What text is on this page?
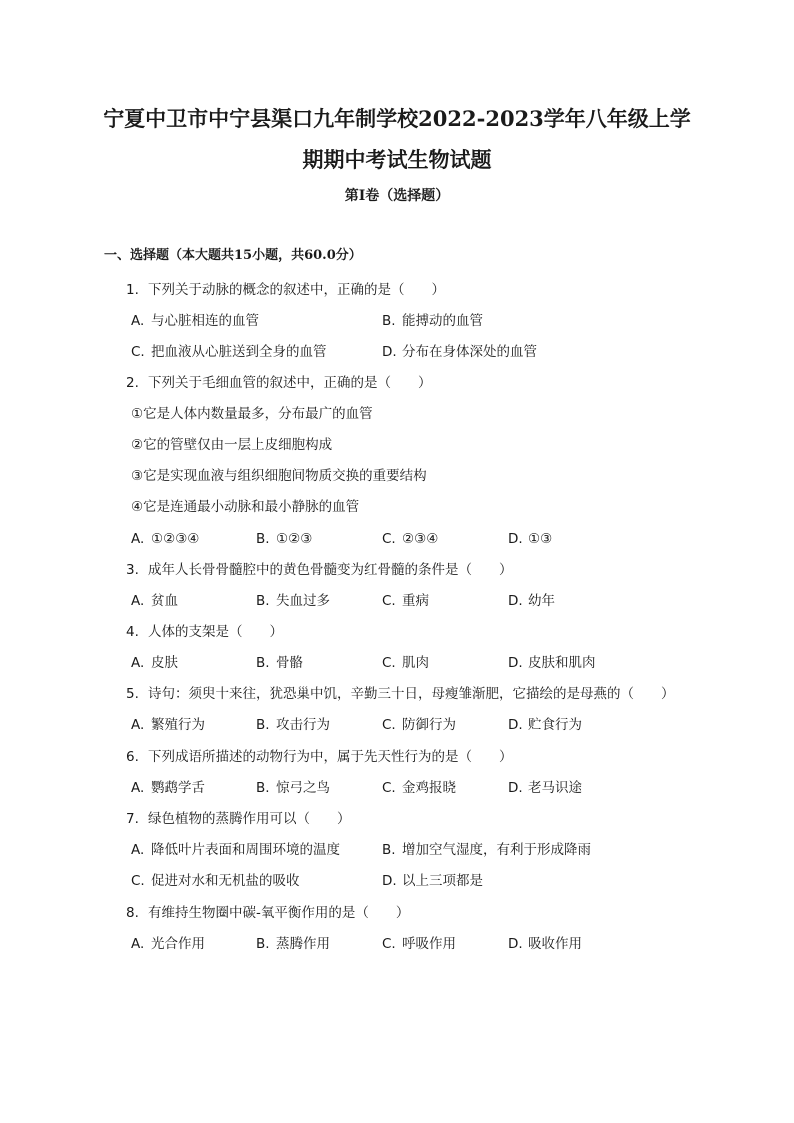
宁夏中卫市中宁县渠口九年制学校2022-2023学年八年级上学
期期中考试生物试题
第I卷（选择题）
一、选择题（本大题共15小题，共60.0分）
1. 下列关于动脉的概念的叙述中，正确的是（　　）
A. 与心脏相连的血管	B. 能搏动的血管
C. 把血液从心脏送到全身的血管	D. 分布在身体深处的血管
2. 下列关于毛细血管的叙述中，正确的是（　　）
①它是人体内数量最多，分布最广的血管
②它的管壁仅由一层上皮细胞构成
③它是实现血液与组织细胞间物质交换的重要结构
④它是连通最小动脉和最小静脉的血管
A. ①②③④	B. ①②③	C. ②③④	D. ①③
3. 成年人长骨骨髓腔中的黄色骨髓变为红骨髓的条件是（　　）
A. 贫血	B. 失血过多	C. 重病	D. 幼年
4. 人体的支架是（　　）
A. 皮肤	B. 骨骼	C. 肌肉	D. 皮肤和肌肉
5. 诗句：须臾十来往，犹恐巢中饥，辛勤三十日，母瘦雏渐肥，它描绘的是母燕的（　　）
A. 繁殖行为	B. 攻击行为	C. 防御行为	D. 贮食行为
6. 下列成语所描述的动物行为中，属于先天性行为的是（　　）
A. 鹦鹉学舌	B. 惊弓之鸟	C. 金鸡报晓	D. 老马识途
7. 绿色植物的蒸腾作用可以（　　）
A. 降低叶片表面和周围环境的温度	B. 增加空气湿度，有利于形成降雨
C. 促进对水和无机盐的吸收	D. 以上三项都是
8. 有维持生物圈中碳-氧平衡作用的是（　　）
A. 光合作用	B. 蒸腾作用	C. 呼吸作用	D. 吸收作用
